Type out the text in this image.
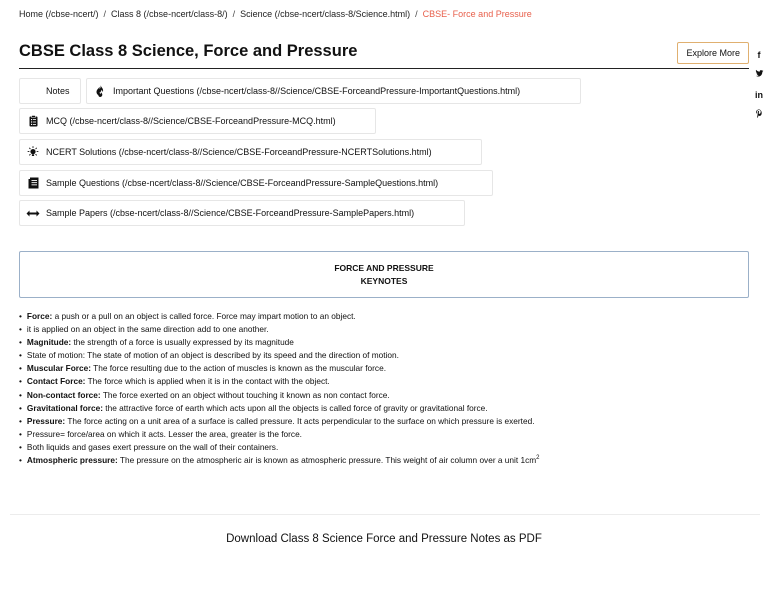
Home (/cbse-ncert/) / Class 8 (/cbse-ncert/class-8/) / Science (/cbse-ncert/class-8/Science.html) / CBSE- Force and Pressure
CBSE Class 8 Science, Force and Pressure	Explore More	f
in
Notes	Important Questions (/cbse-ncert/class-8//Science/CBSE-ForceandPressure-ImportantQuestions.html)
MCQ (/cbse-ncert/class-8//Science/CBSE-ForceandPressure-MCQ.html)
NCERT Solutions (/cbse-ncert/class-8//Science/CBSE-ForceandPressure-NCERTSolutions.html)
Sample Questions (/cbse-ncert/class-8//Science/CBSE-ForceandPressure-SampleQuestions.html)
Sample Papers (/cbse-ncert/class-8//Science/CBSE-ForceandPressure-SamplePapers.html)
FORCE AND PRESSURE
KEYNOTES
• Force: a push or a pull on an object is called force. Force may impart motion to an object.
• it is applied on an object in the same direction add to one another.
• Magnitude: the strength of a force is usually expressed by its magnitude
• State of motion: The state of motion of an object is described by its speed and the direction of motion.
• Muscular Force: The force resulting due to the action of muscles is known as the muscular force.
• Contact Force: The force which is applied when it is in the contact with the object.
• Non-contact force: The force exerted on an object without touching it known as non contact force.
• Gravitational force: the attractive force of earth which acts upon all the objects is called force of gravity or gravitational force.
• Pressure: The force acting on a unit area of a surface is called pressure. It acts perpendicular to the surface on which pressure is exerted.
• Pressure= force/area on which it acts. Lesser the area, greater is the force.
• Both liquids and gases exert pressure on the wall of their containers.
• Atmospheric pressure: The pressure on the atmospheric air is known as atmospheric pressure. This weight of air column over a unit $1cm^2$
Download Class 8 Science Force and Pressure Notes as PDF
